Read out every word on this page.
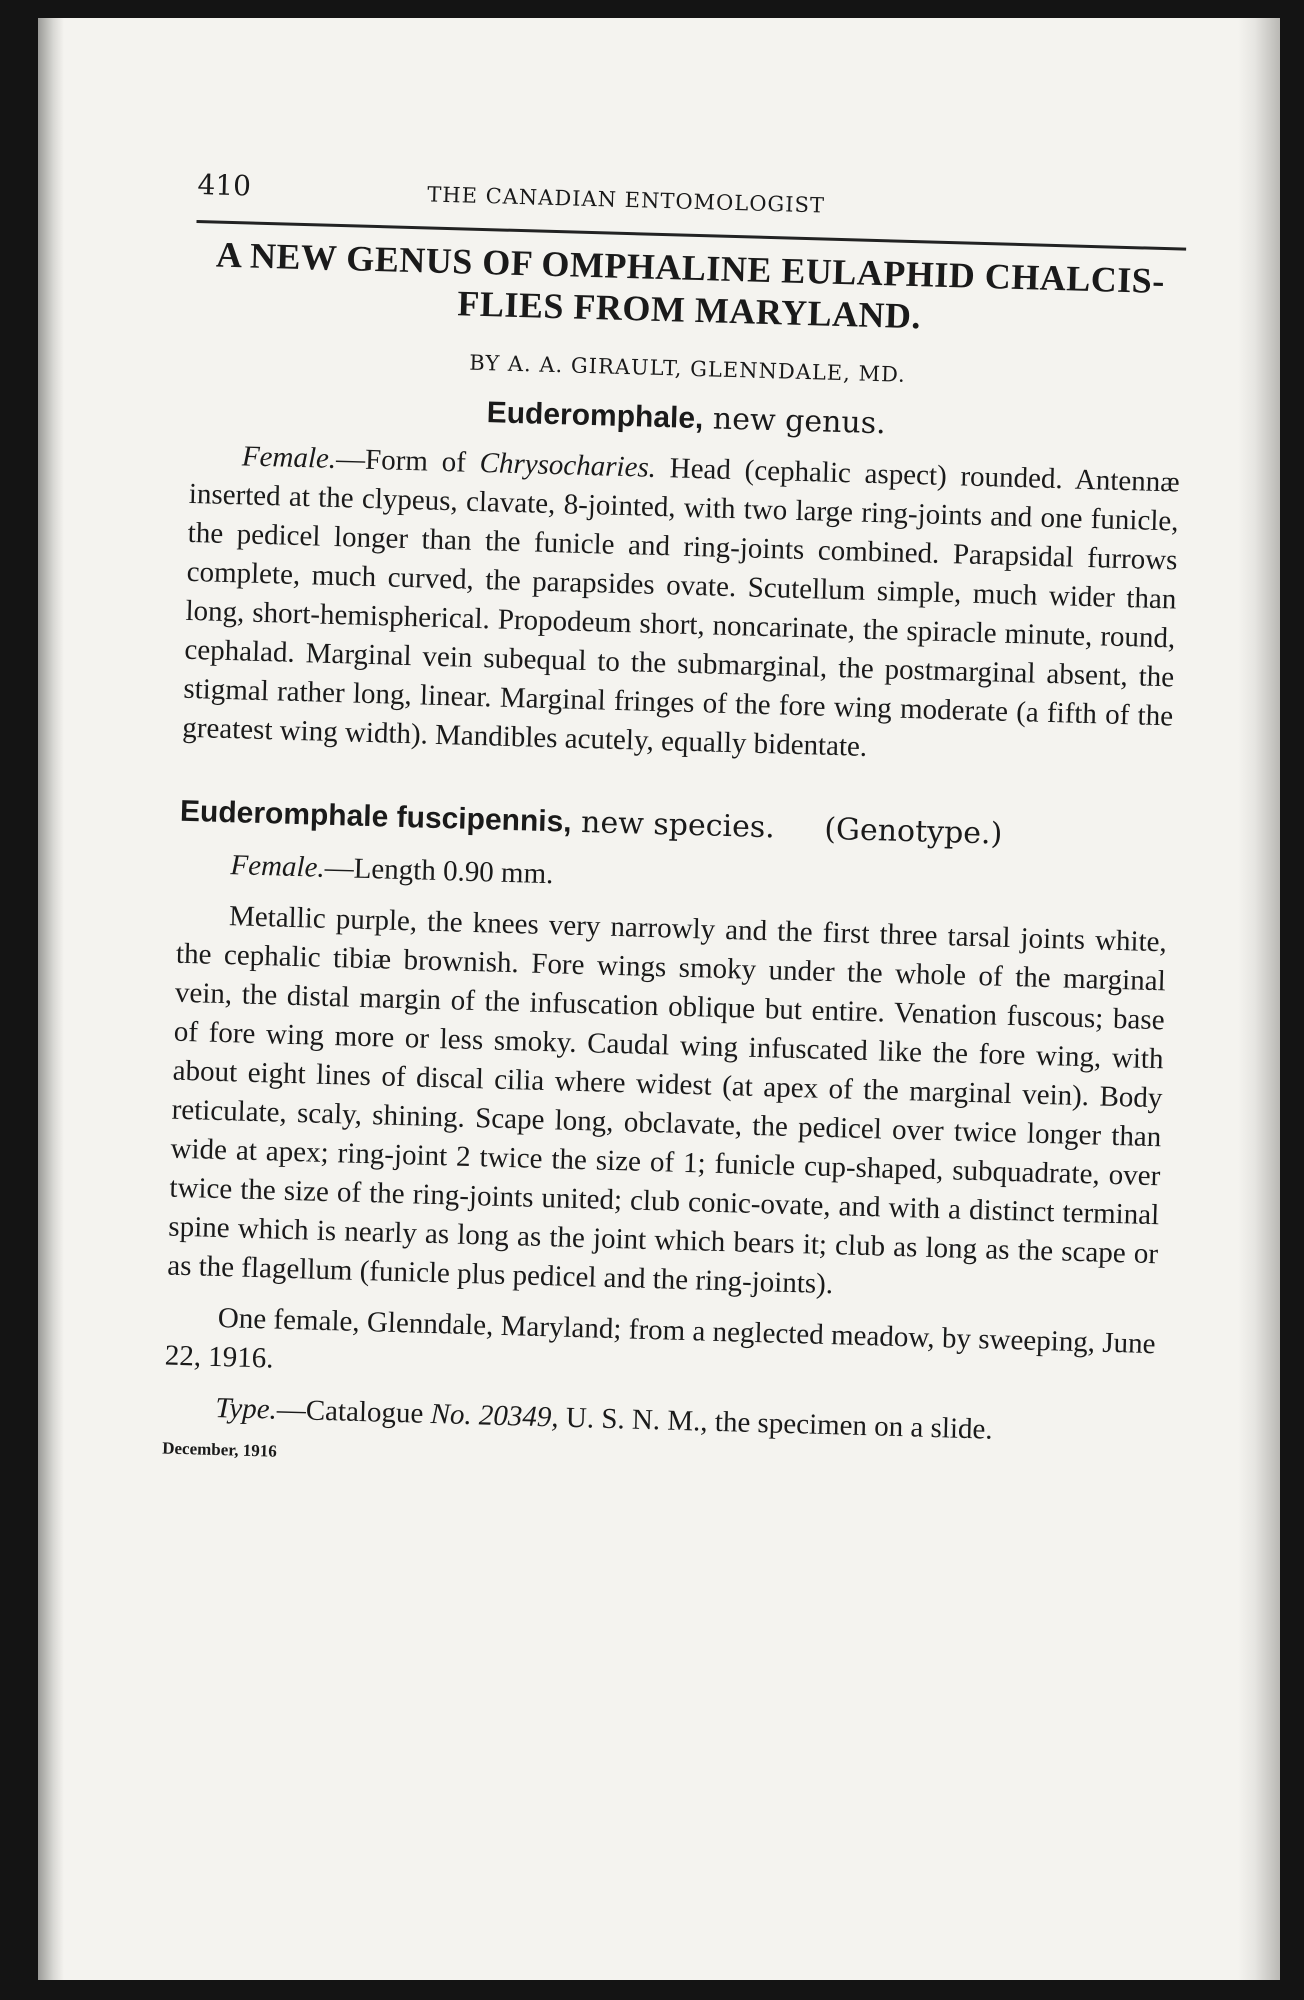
410	THE CANADIAN ENTOMOLOGIST
A NEW GENUS OF OMPHALINE EULAPHID CHALCIS-FLIES FROM MARYLAND.
BY A. A. GIRAULT, GLENNDALE, MD.
Euderomphale, new genus.

Female.—Form of Chrysocharies. Head (cephalic aspect) rounded. Antennæ inserted at the clypeus, clavate, 8-jointed, with two large ring-joints and one funicle, the pedicel longer than the funicle and ring-joints combined. Parapsidal furrows complete, much curved, the parapsides ovate. Scutellum simple, much wider than long, short-hemispherical. Propodeum short, noncarinate, the spiracle minute, round, cephalad. Marginal vein subequal to the submarginal, the postmarginal absent, the stigmal rather long, linear. Marginal fringes of the fore wing moderate (a fifth of the greatest wing width). Mandibles acutely, equally bidentate.

Euderomphale fuscipennis, new species. (Genotype.)

Female.—Length 0.90 mm.

Metallic purple, the knees very narrowly and the first three tarsal joints white, the cephalic tibiæ brownish. Fore wings smoky under the whole of the marginal vein, the distal margin of the infuscation oblique but entire. Venation fuscous; base of fore wing more or less smoky. Caudal wing infuscated like the fore wing, with about eight lines of discal cilia where widest (at apex of the marginal vein). Body reticulate, scaly, shining. Scape long, obclavate, the pedicel over twice longer than wide at apex; ring-joint 2 twice the size of 1; funicle cup-shaped, subquadrate, over twice the size of the ring-joints united; club conic-ovate, and with a distinct terminal spine which is nearly as long as the joint which bears it; club as long as the scape or as the flagellum (funicle plus pedicel and the ring-joints).

One female, Glenndale, Maryland; from a neglected meadow, by sweeping, June 22, 1916.

Type.—Catalogue No. 20349, U. S. N. M., the specimen on a slide.

December, 1916
